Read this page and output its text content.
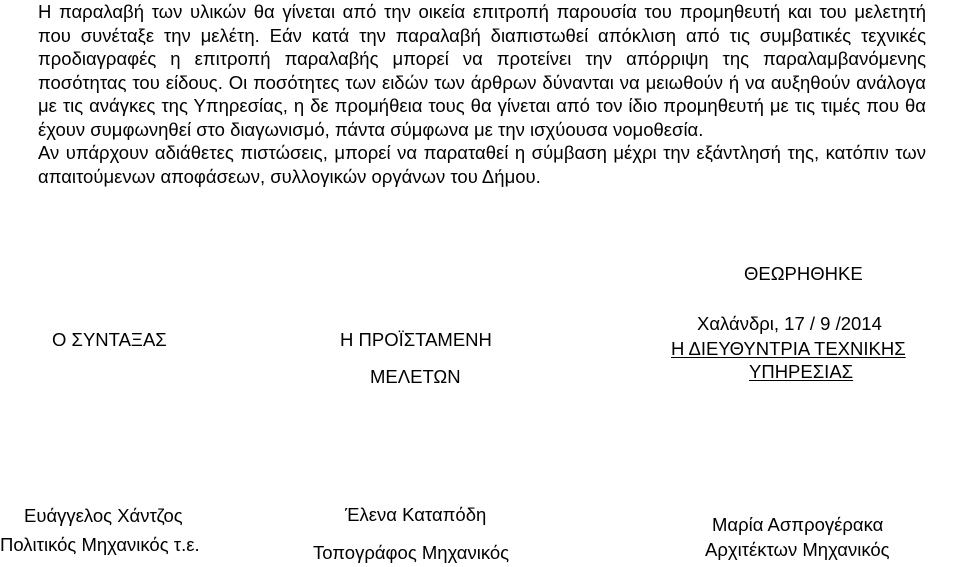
Η παραλαβή των υλικών θα γίνεται από την οικεία επιτροπή παρουσία του προμηθευτή και του μελετητή που συνέταξε την μελέτη. Εάν κατά την παραλαβή διαπιστωθεί απόκλιση από τις συμβατικές τεχνικές προδιαγραφές η επιτροπή παραλαβής μπορεί να προτείνει την απόρριψη της παραλαμβανόμενης ποσότητας του είδους. Οι ποσότητες των ειδών των άρθρων δύνανται να μειωθούν ή να αυξηθούν ανάλογα με τις ανάγκες της Υπηρεσίας, η δε προμήθεια τους θα γίνεται από τον ίδιο προμηθευτή με τις τιμές που θα έχουν συμφωνηθεί στο διαγωνισμό, πάντα σύμφωνα με την ισχύουσα νομοθεσία.

Αν υπάρχουν αδιάθετες πιστώσεις, μπορεί να παραταθεί η σύμβαση μέχρι την εξάντλησή της, κατόπιν των απαιτούμενων αποφάσεων, συλλογικών οργάνων του Δήμου.

ΘΕΩΡΗΘΗΚΕ
Ο ΣΥΝΤΑΞΑΣ
Ευάγγελος Χάντζος
Πολιτικός Μηχανικός τ.ε.
Η ΠΡΟΪΣΤΑΜΕΝΗ
ΜΕΛΕΤΩΝ
Έλενα Καταπόδη
Τοπογράφος Μηχανικός
Χαλάνδρι, 17 / 9 /2014
Η ΔΙΕΥΘΥΝΤΡΙΑ ΤΕΧΝΙΚΗΣ
ΥΠΗΡΕΣΙΑΣ
Μαρία Ασπρογέρακα
Αρχιτέκτων Μηχανικός
